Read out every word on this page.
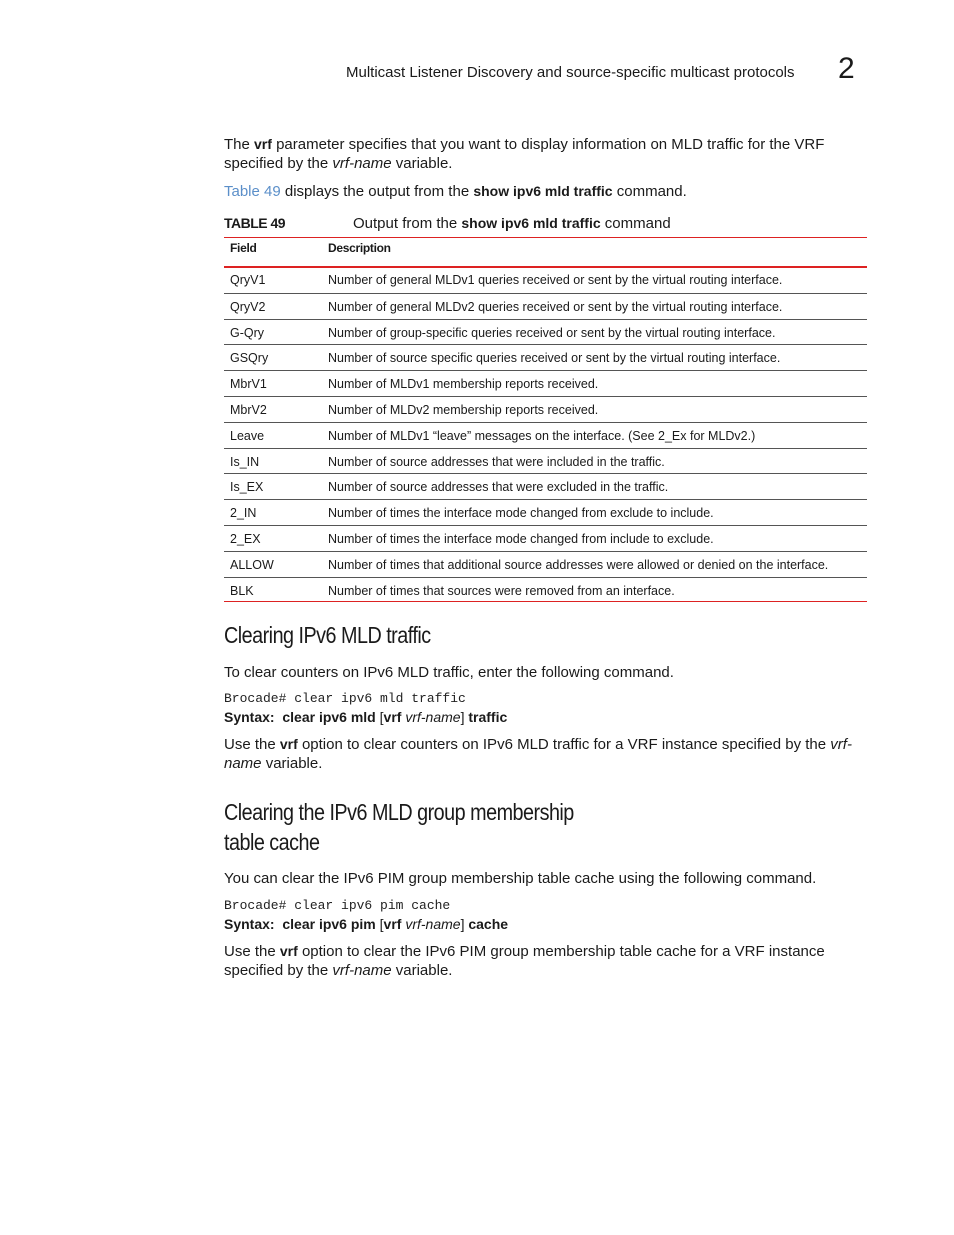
Multicast Listener Discovery and source-specific multicast protocols 2

The vrf parameter specifies that you want to display information on MLD traffic for the VRF specified by the vrf-name variable.

Table 49 displays the output from the show ipv6 mld traffic command.

TABLE 49	Output from the show ipv6 mld traffic command
Field	Description
QryV1	Number of general MLDv1 queries received or sent by the virtual routing interface.
QryV2	Number of general MLDv2 queries received or sent by the virtual routing interface.
G-Qry	Number of group-specific queries received or sent by the virtual routing interface.
GSQry	Number of source specific queries received or sent by the virtual routing interface.
MbrV1	Number of MLDv1 membership reports received.
MbrV2	Number of MLDv2 membership reports received.
Leave	Number of MLDv1 “leave” messages on the interface. (See 2_Ex for MLDv2.)
Is_IN	Number of source addresses that were included in the traffic.
Is_EX	Number of source addresses that were excluded in the traffic.
2_IN	Number of times the interface mode changed from exclude to include.
2_EX	Number of times the interface mode changed from include to exclude.
ALLOW	Number of times that additional source addresses were allowed or denied on the interface.
BLK	Number of times that sources were removed from an interface.
Clearing IPv6 MLD traffic

To clear counters on IPv6 MLD traffic, enter the following command.

Brocade# clear ipv6 mld traffic
Syntax: clear ipv6 mld [vrf vrf-name] traffic

Use the vrf option to clear counters on IPv6 MLD traffic for a VRF instance specified by the vrf-name variable.

Clearing the IPv6 MLD group membership
table cache

You can clear the IPv6 PIM group membership table cache using the following command.

Brocade# clear ipv6 pim cache
Syntax: clear ipv6 pim [vrf vrf-name] cache

Use the vrf option to clear the IPv6 PIM group membership table cache for a VRF instance specified by the vrf-name variable.
